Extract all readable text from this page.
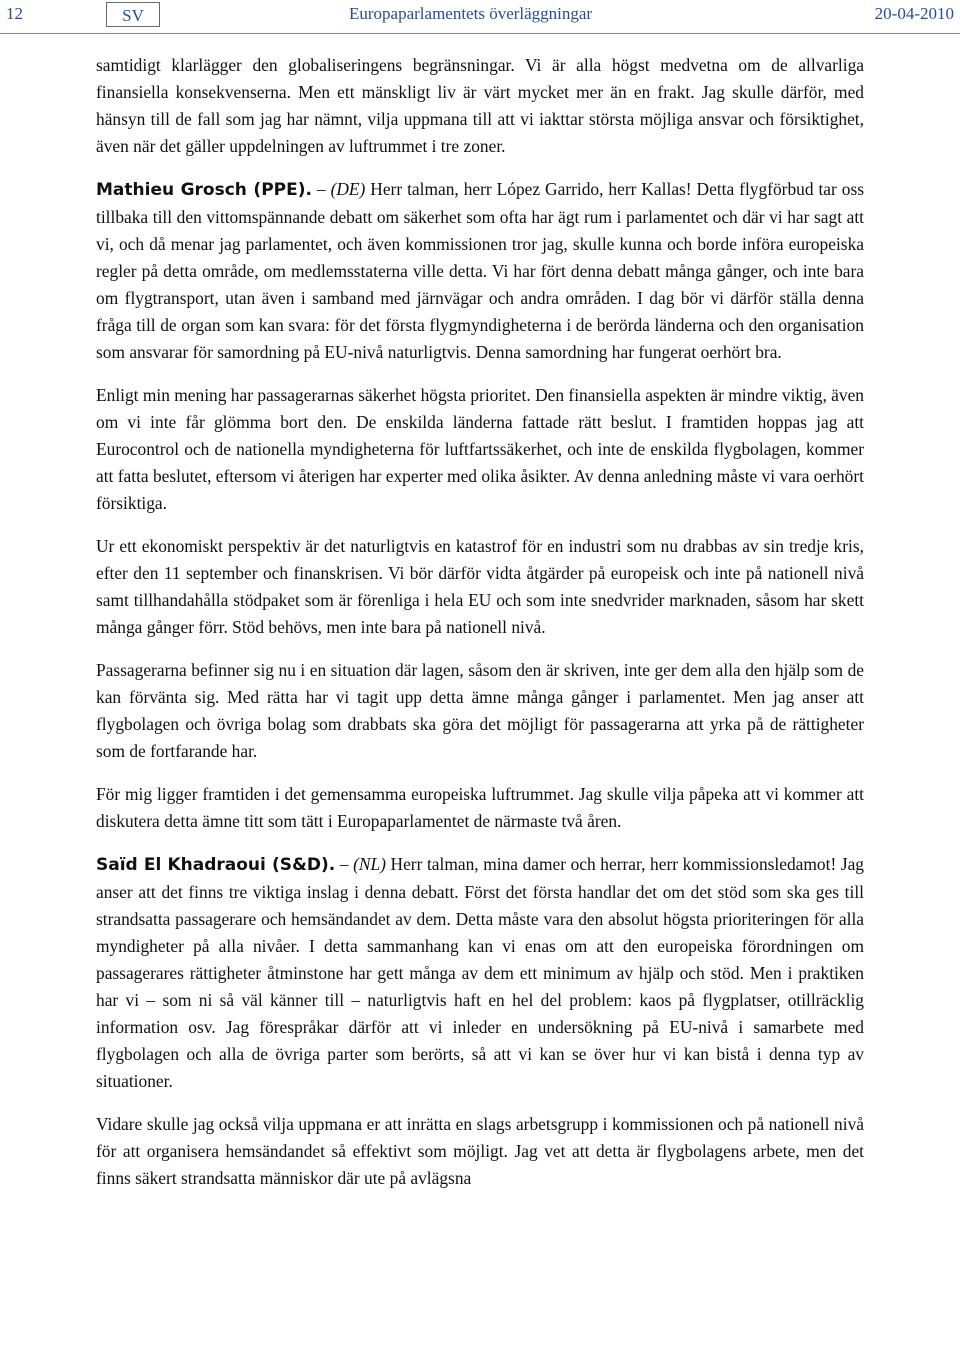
12	SV	Europaparlamentets överläggningar	20-04-2010

samtidigt klarlägger den globaliseringens begränsningar. Vi är alla högst medvetna om de allvarliga finansiella konsekvenserna. Men ett mänskligt liv är värt mycket mer än en frakt. Jag skulle därför, med hänsyn till de fall som jag har nämnt, vilja uppmana till att vi iakttar största möjliga ansvar och försiktighet, även när det gäller uppdelningen av luftrummet i tre zoner.

Mathieu Grosch (PPE). – (DE) Herr talman, herr López Garrido, herr Kallas! Detta flygförbud tar oss tillbaka till den vittomspännande debatt om säkerhet som ofta har ägt rum i parlamentet och där vi har sagt att vi, och då menar jag parlamentet, och även kommissionen tror jag, skulle kunna och borde införa europeiska regler på detta område, om medlemsstaterna ville detta. Vi har fört denna debatt många gånger, och inte bara om flygtransport, utan även i samband med järnvägar och andra områden. I dag bör vi därför ställa denna fråga till de organ som kan svara: för det första flygmyndigheterna i de berörda länderna och den organisation som ansvarar för samordning på EU-nivå naturligtvis. Denna samordning har fungerat oerhört bra.

Enligt min mening har passagerarnas säkerhet högsta prioritet. Den finansiella aspekten är mindre viktig, även om vi inte får glömma bort den. De enskilda länderna fattade rätt beslut. I framtiden hoppas jag att Eurocontrol och de nationella myndigheterna för luftfartssäkerhet, och inte de enskilda flygbolagen, kommer att fatta beslutet, eftersom vi återigen har experter med olika åsikter. Av denna anledning måste vi vara oerhört försiktiga.

Ur ett ekonomiskt perspektiv är det naturligtvis en katastrof för en industri som nu drabbas av sin tredje kris, efter den 11 september och finanskrisen. Vi bör därför vidta åtgärder på europeisk och inte på nationell nivå samt tillhandahålla stödpaket som är förenliga i hela EU och som inte snedvrider marknaden, såsom har skett många gånger förr. Stöd behövs, men inte bara på nationell nivå.

Passagerarna befinner sig nu i en situation där lagen, såsom den är skriven, inte ger dem alla den hjälp som de kan förvänta sig. Med rätta har vi tagit upp detta ämne många gånger i parlamentet. Men jag anser att flygbolagen och övriga bolag som drabbats ska göra det möjligt för passagerarna att yrka på de rättigheter som de fortfarande har.

För mig ligger framtiden i det gemensamma europeiska luftrummet. Jag skulle vilja påpeka att vi kommer att diskutera detta ämne titt som tätt i Europaparlamentet de närmaste två åren.

Saïd El Khadraoui (S&D). – (NL) Herr talman, mina damer och herrar, herr kommissionsledamot! Jag anser att det finns tre viktiga inslag i denna debatt. Först det första handlar det om det stöd som ska ges till strandsatta passagerare och hemsändandet av dem. Detta måste vara den absolut högsta prioriteringen för alla myndigheter på alla nivåer. I detta sammanhang kan vi enas om att den europeiska förordningen om passagerares rättigheter åtminstone har gett många av dem ett minimum av hjälp och stöd. Men i praktiken har vi – som ni så väl känner till – naturligtvis haft en hel del problem: kaos på flygplatser, otillräcklig information osv. Jag förespråkar därför att vi inleder en undersökning på EU-nivå i samarbete med flygbolagen och alla de övriga parter som berörts, så att vi kan se över hur vi kan bistå i denna typ av situationer.

Vidare skulle jag också vilja uppmana er att inrätta en slags arbetsgrupp i kommissionen och på nationell nivå för att organisera hemsändandet så effektivt som möjligt. Jag vet att detta är flygbolagens arbete, men det finns säkert strandsatta människor där ute på avlägsna
